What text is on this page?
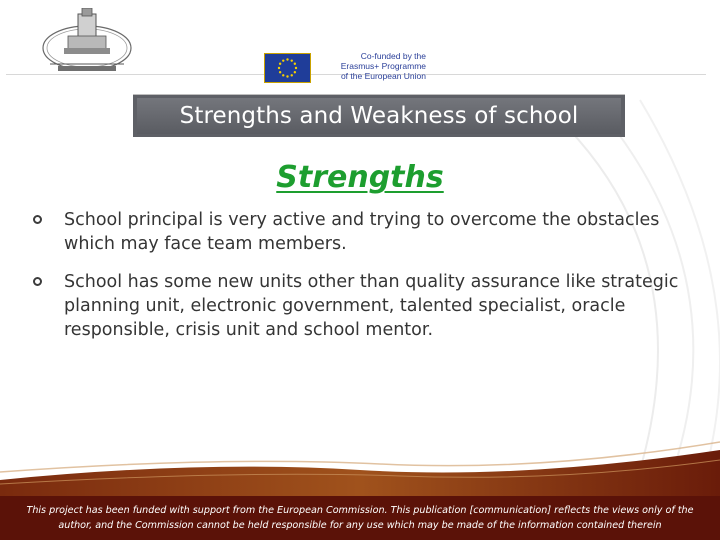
Co-funded by the
Erasmus+ Programme
of the European Union
Strengths and Weakness of school
Strengths
School principal is very active and trying to overcome the obstacles which may face team members.
School has some new units other than quality assurance like strategic planning unit, electronic government, talented specialist, oracle responsible, crisis unit and school mentor.
This project has been funded with support from the European Commission. This publication [communication] reflects the views only of the author, and the Commission cannot be held responsible for any use which may be made of the information contained therein
